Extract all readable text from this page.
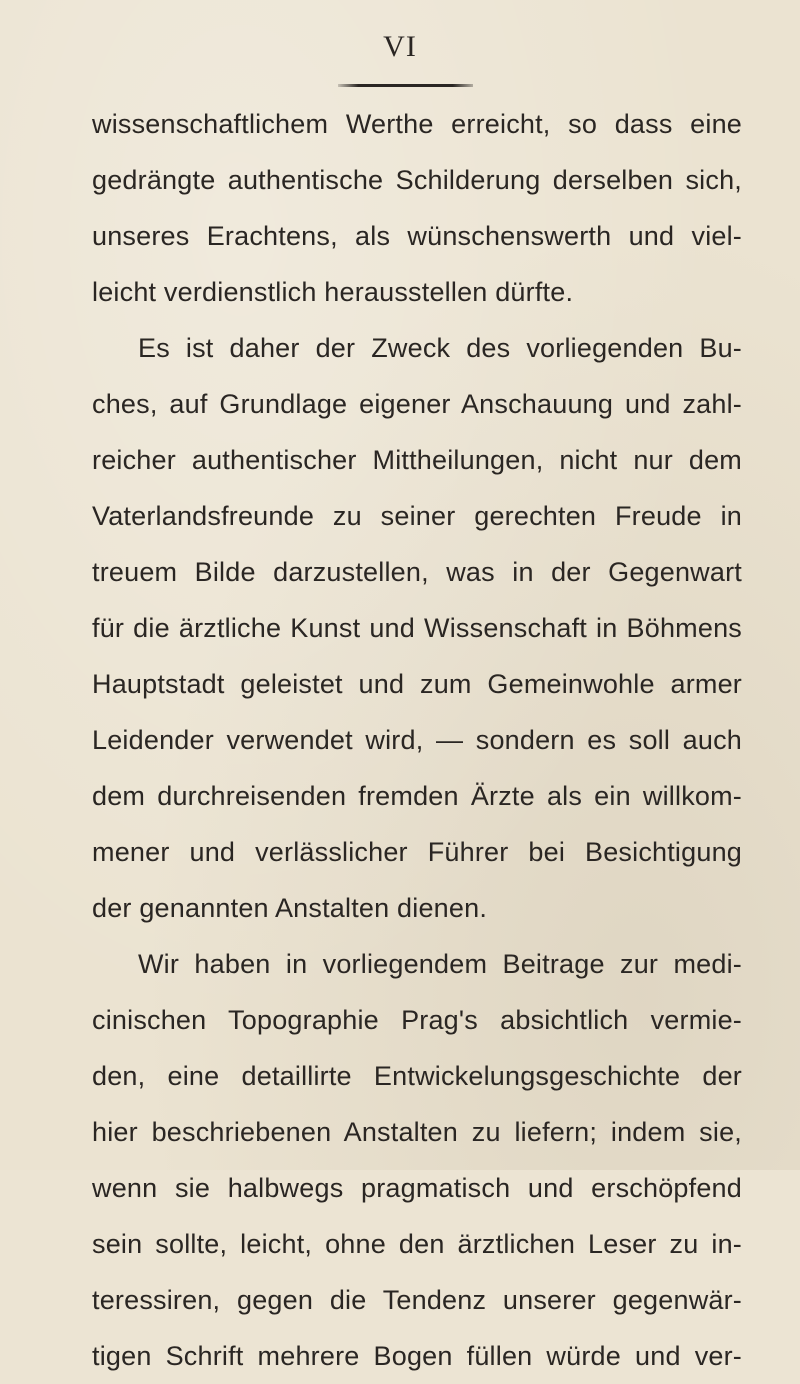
VI
wissenschaftlichem Werthe erreicht, so dass eine
gedrängte authentische Schilderung derselben sich,
unseres Erachtens, als wünschenswerth und viel-
leicht verdienstlich herausstellen dürfte.
Es ist daher der Zweck des vorliegenden Bu-
ches, auf Grundlage eigener Anschauung und zahl-
reicher authentischer Mittheilungen, nicht nur dem
Vaterlandsfreunde zu seiner gerechten Freude in
treuem Bilde darzustellen, was in der Gegenwart
für die ärztliche Kunst und Wissenschaft in Böhmens
Hauptstadt geleistet und zum Gemeinwohle armer
Leidender verwendet wird, — sondern es soll auch
dem durchreisenden fremden Ärzte als ein willkom-
mener und verlässlicher Führer bei Besichtigung
der genannten Anstalten dienen.
Wir haben in vorliegendem Beitrage zur medi-
cinischen Topographie Prag's absichtlich vermie-
den, eine detaillirte Entwickelungsgeschichte der
hier beschriebenen Anstalten zu liefern; indem sie,
wenn sie halbwegs pragmatisch und erschöpfend
sein sollte, leicht, ohne den ärztlichen Leser zu in-
teressiren, gegen die Tendenz unserer gegenwär-
tigen Schrift mehrere Bogen füllen würde und ver-
